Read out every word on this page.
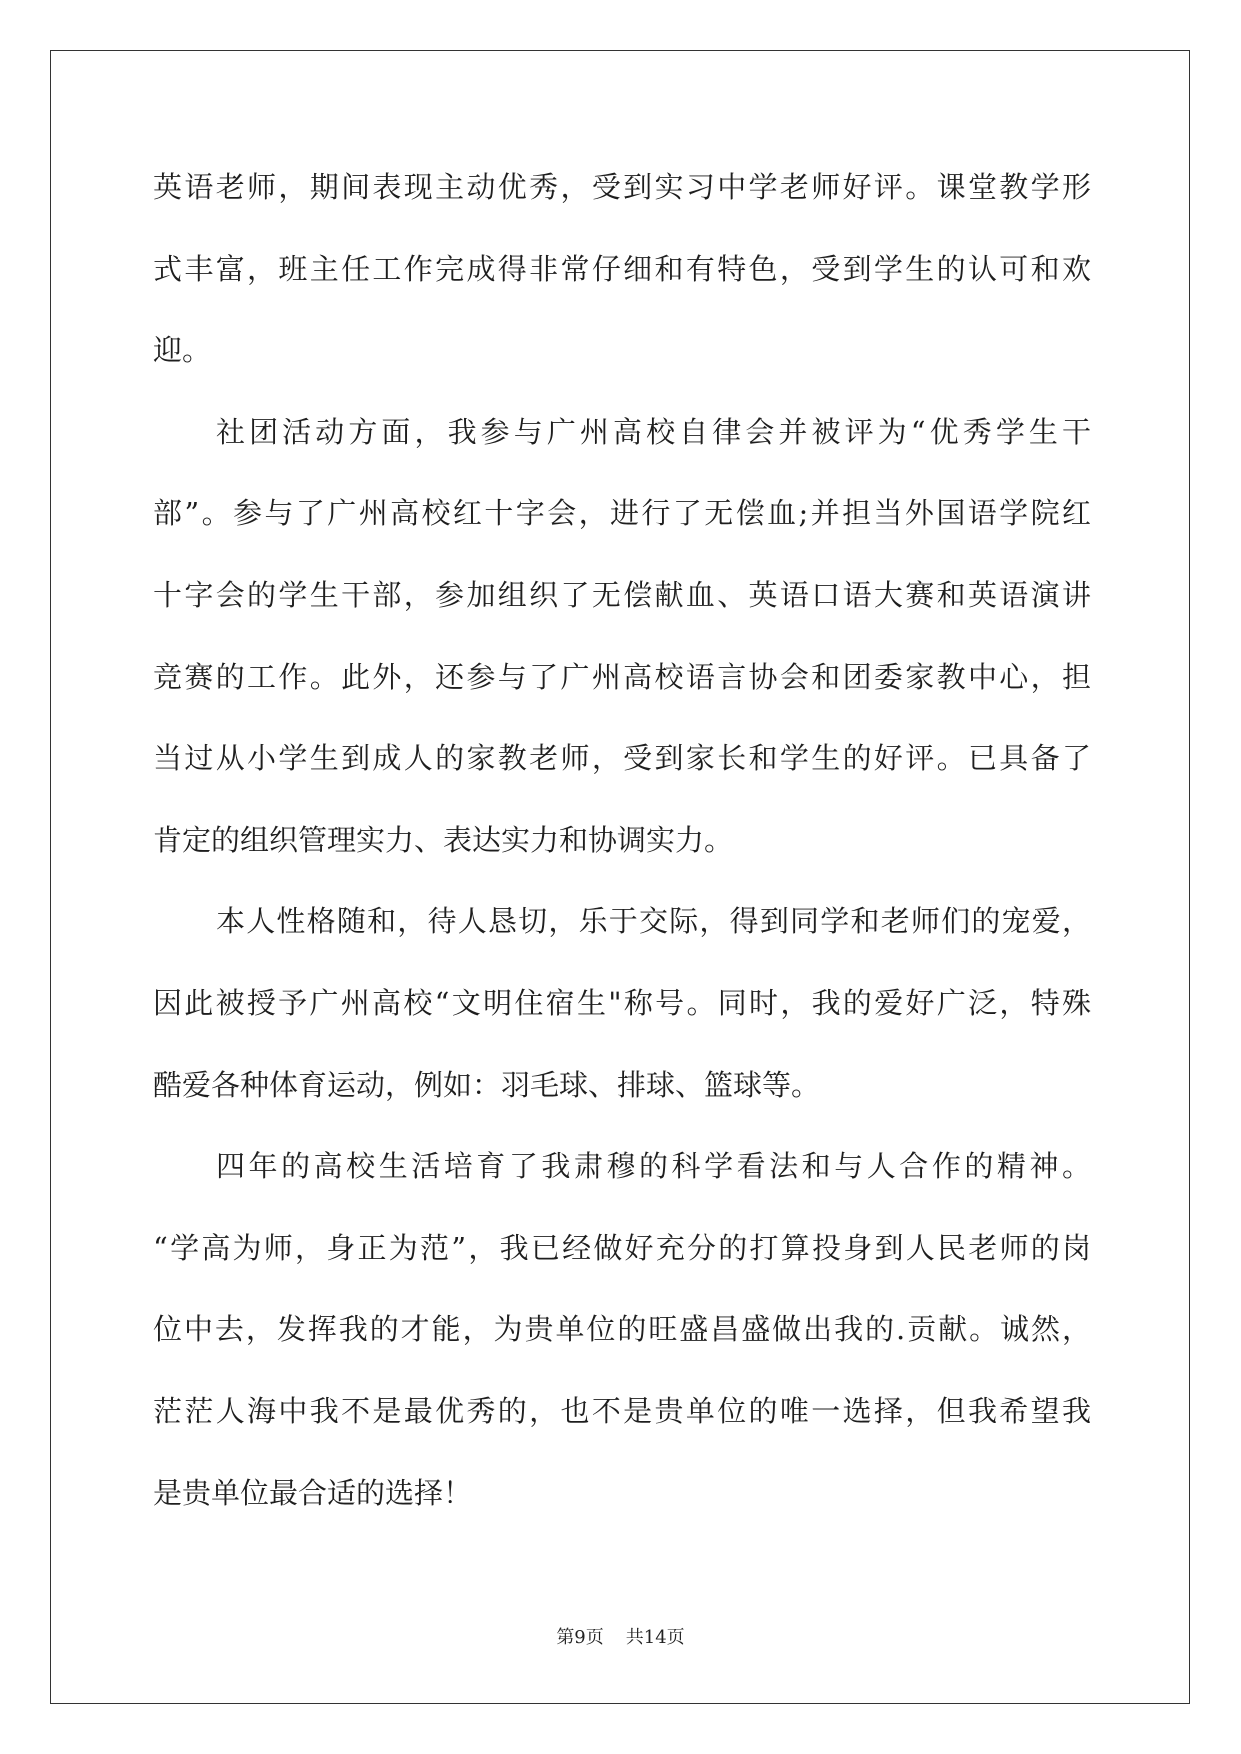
英语老师，期间表现主动优秀，受到实习中学老师好评。课堂教学形
式丰富，班主任工作完成得非常仔细和有特色，受到学生的认可和欢
迎。
社团活动方面，我参与广州高校自律会并被评为“优秀学生干
部”。参与了广州高校红十字会，进行了无偿血;并担当外国语学院红
十字会的学生干部，参加组织了无偿献血、英语口语大赛和英语演讲
竞赛的工作。此外，还参与了广州高校语言协会和团委家教中心，担
当过从小学生到成人的家教老师，受到家长和学生的好评。已具备了
肯定的组织管理实力、表达实力和协调实力。
本人性格随和，待人恳切，乐于交际，得到同学和老师们的宠爱，
因此被授予广州高校“文明住宿生"称号。同时，我的爱好广泛，特殊
酷爱各种体育运动，例如：羽毛球、排球、篮球等。
四年的高校生活培育了我肃穆的科学看法和与人合作的精神。
“学高为师，身正为范”，我已经做好充分的打算投身到人民老师的岗
位中去，发挥我的才能，为贵单位的旺盛昌盛做出我的.贡献。诚然，
茫茫人海中我不是最优秀的，也不是贵单位的唯一选择，但我希望我
是贵单位最合适的选择！
第9页 共14页
